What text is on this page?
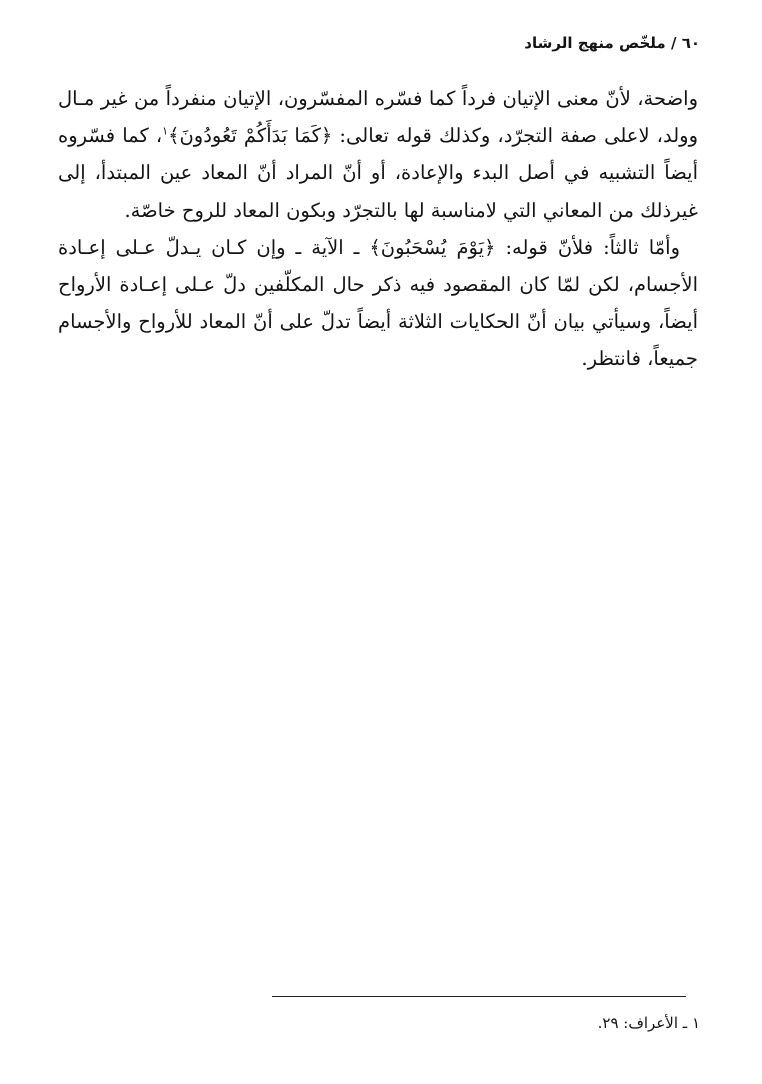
٦٠ / ملخّص منهج الرشاد

واضحة، لأنّ معنى الإتيان فرداً كما فسّره المفسّرون، الإتيان منفرداً من غير مـال وولد، لاعلى صفة التجرّد، وكذلك قوله تعالى: ﴿كَمَا بَدَأَكُمْ تَعُودُونَ﴾$^١$، كما فسّروه أيضاً التشبيه في أصل البدء والإعادة، أو أنّ المراد أنّ المعاد عين المبتدأ، إلى غيرذلك من المعاني التي لامناسبة لها بالتجرّد وبكون المعاد للروح خاصّة.

وأمّا ثالثاً: فلأنّ قوله: ﴿يَوْمَ يُسْحَبُونَ﴾ ـ الآية ـ وإن كـان يـدلّ عـلى إعـادة الأجسام، لكن لمّا كان المقصود فيه ذكر حال المكلّفين دلّ عـلى إعـادة الأرواح أيضاً، وسيأتي بيان أنّ الحكايات الثلاثة أيضاً تدلّ على أنّ المعاد للأرواح والأجسام جميعاً، فانتظر.

١ ـ الأعراف: ٢٩.
